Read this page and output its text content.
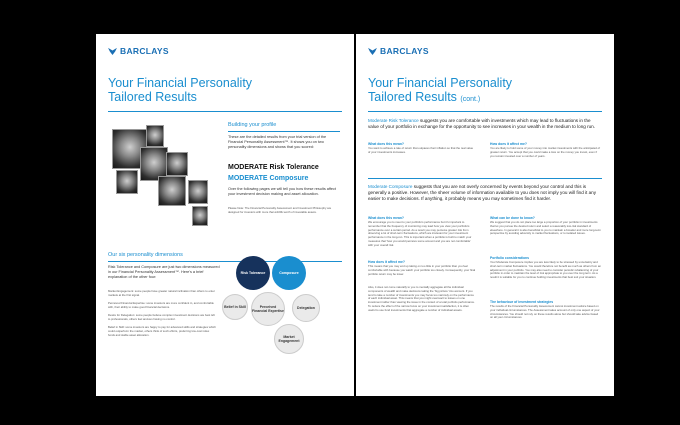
BARCLAYS
Your Financial Personality
Tailored Results
Building your profile
These are the detailed results from your trial version of the Financial Personality Assessment™. It shows you on two personality dimensions and shows that you scored:
MODERATE Risk Tolerance
MODERATE Composure
Over the following pages we will tell you how these results affect your investment decision making and asset allocation.
Please Note: The Financial Personality Assessment and Investment Philosophy are designed for investors with more than £100k worth of investable assets.
Our six personality dimensions
Risk Tolerance and Composure are just two dimensions measured in our Financial Personality Assessment™. Here's a brief explanation of the other four:
Market Engagement: some people have greater natural inclination than others to enter markets at the first signal.
Perceived Financial Expertise: some investors are more confident in, and comfortable with, their ability to make good financial decisions.
Desire for Delegation: some people believe complex investment decisions are best left to professionals, others feel anxious having no control.
Belief in Skill: some investors are happy to pay for advanced skills and strategies which could outperform the market, others think of such efforts, preferring low-cost index funds and stable asset allocation.
Risk Tolerance	Composure
Belief in Skill	Perceived Financial Expertise
Delegation
Market Engagement
BARCLAYS
Your Financial Personality
Tailored Results (cont.)
Moderate Risk Tolerance suggests you are comfortable with investments which may lead to fluctuations in the value of your portfolio in exchange for the opportunity to see increases in your wealth in the medium to long run.
What does this mean?
You want to achieve a rate of return that outpaces their inflation so that the real value of your investments increases.
How does it affect me?
You are likely to hold some of your money into market investments with the anticipated of greater return. You accept that you could make a loss on the money you invest, even if you remain invested over a number of years.
Moderate Composure suggests that you are not overly concerned by events beyond your control and this is generally a positive. However, the sheer volume of information available to you does not imply you will find it any easier to make decisions. If anything, it probably means you may sometimes find it harder.
What does this mean?
We encourage you to meet to your portfolio's performance but it's important to remember that the frequency of monitoring may lead how you view your portfolio's performance over a certain period. As a result you may perceive greater risk from observing a lot of short-term fluctuations, which are irrelevant for your investment performance in the long-run. This is important when a portfolio is built to match your measures that 'how you would perceive some amount and you are not comfortable' with your overall risk.
How does it affect me?
This means that you may end up taking on too little in your portfolio than you feel comfortable with because you watch your portfolio too closely. Consequently, your final portfolio return may be lower.
Also, it does not come naturally to you to mentally aggregate all the individual components of wealth and make decisions taking the 'big picture' into account. If you tend to take a number of investments you may focus too narrowly on the performance of each individual asset. This means that you might overreact to losses on one investment rather than viewing the issue in the context of a total portfolio performance. To reduce the effect of the narrow focus on your investment satisfaction, it is often useful to use fund investments that aggregate a number of individual assets.
What can be done to know?
We suggest that you do not place too large a proportion of your portfolio in investments that let you pursue the desired return and select a reasonably low-risk standard of elsewhere. In general it is also beneficial to you to maintain a broader and more long-term perspective by avoiding adversity to market fluctuations, or to isolated issues.
Portfolio considerations
Your Moderate Composure implies you are less likely to be stressed by uncertainty and short-term market fluctuations. You would therefore not benefit as much as others from an adjustment in your portfolio. You may also need to consider periodic rebalancing of your portfolio in order to maintain the level of risk appropriate to you over the long term. As a result it is suitable for you to continue holding investments that best suit your situation.
The behaviour of investment strategies
The results of the Financial Personality Assessment cannot investment advice based on your individual circumstances. The Assessment takes account of only one aspect of your circumstances. You should not rely on these results alone but should take advice based on all your circumstances.
